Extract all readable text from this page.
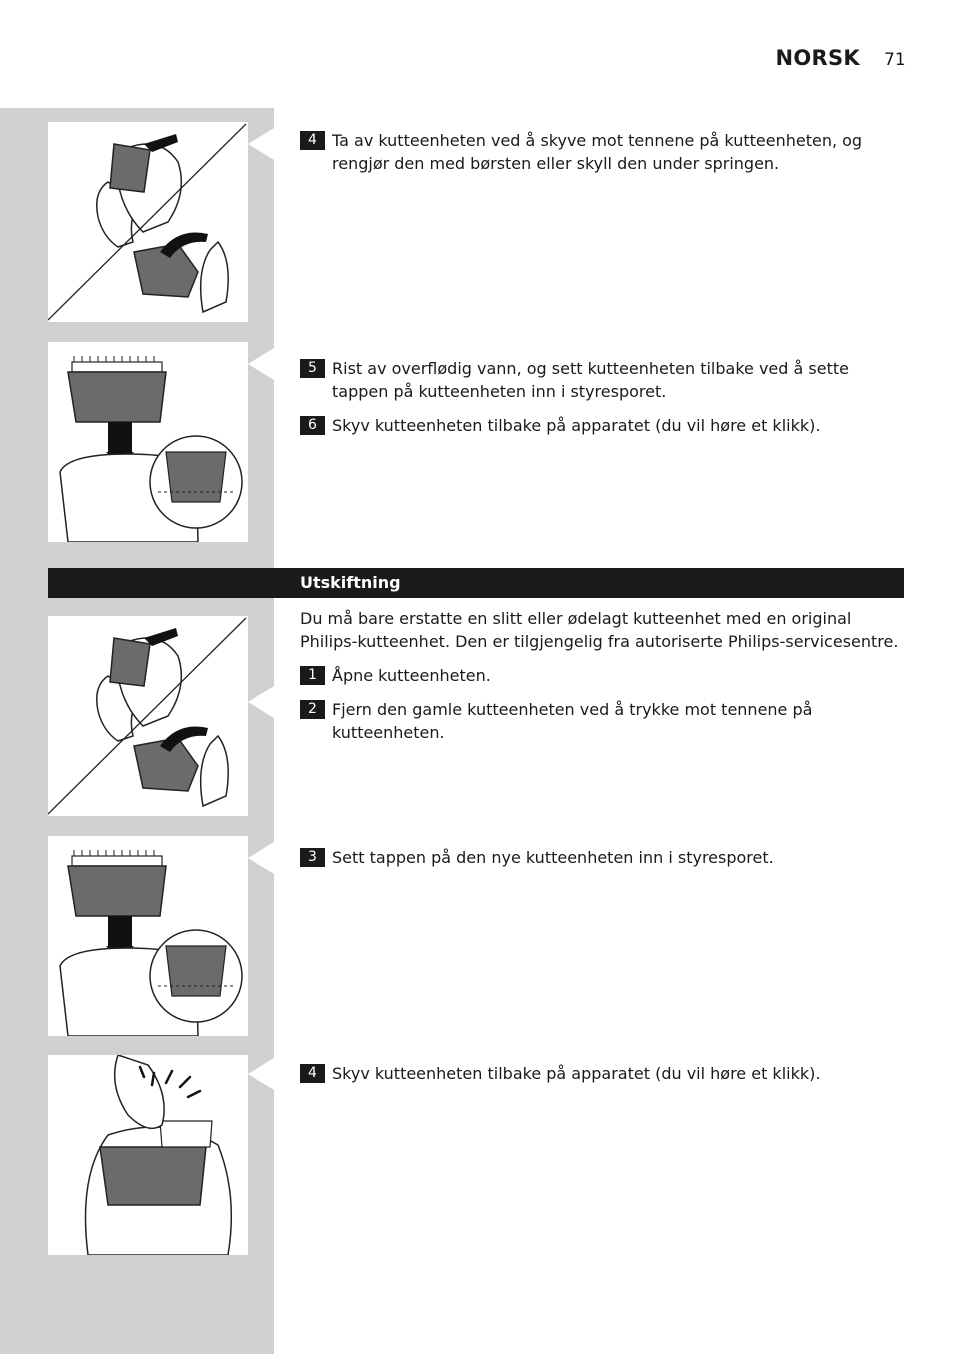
NORSK 71
4 Ta av kutteenheten ved å skyve mot tennene på kutteenheten, og rengjør den med børsten eller skyll den under springen.
5 Rist av overflødig vann, og sett kutteenheten tilbake ved å sette tappen på kutteenheten inn i styresporet.
6 Skyv kutteenheten tilbake på apparatet (du vil høre et klikk).
Utskiftning
Du må bare erstatte en slitt eller ødelagt kutteenhet med en original Philips-kutteenhet. Den er tilgjengelig fra autoriserte Philips-servicesentre.
1 Åpne kutteenheten.
2 Fjern den gamle kutteenheten ved å trykke mot tennene på kutteenheten.
3 Sett tappen på den nye kutteenheten inn i styresporet.
4 Skyv kutteenheten tilbake på apparatet (du vil høre et klikk).
